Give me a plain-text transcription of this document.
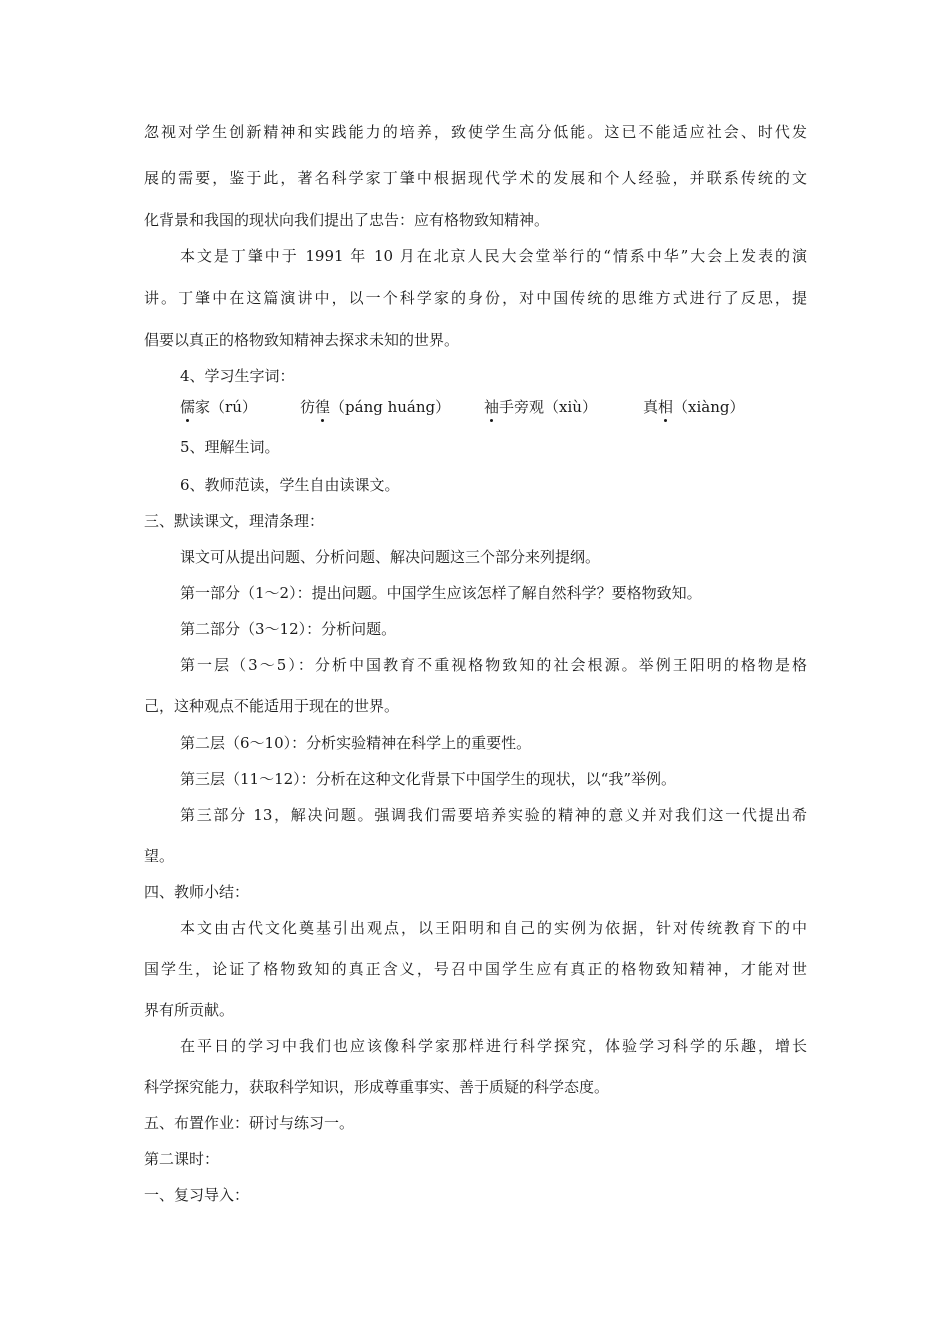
忽视对学生创新精神和实践能力的培养，致使学生高分低能。这已不能适应社会、时代发
展的需要，鉴于此，著名科学家丁肇中根据现代学术的发展和个人经验，并联系传统的文
化背景和我国的现状向我们提出了忠告：应有格物致知精神。
本文是丁肇中于 1991 年 10 月在北京人民大会堂举行的“情系中华”大会上发表的演
讲。丁肇中在这篇演讲中，以一个科学家的身份，对中国传统的思维方式进行了反思，提
倡要以真正的格物致知精神去探求未知的世界。
4、学习生字词：
儒家（rú）	彷徨（páng huáng） 袖手旁观（xiù）	真相（xiàng）
5、理解生词。
6、教师范读，学生自由读课文。
三、默读课文，理清条理：
课文可从提出问题、分析问题、解决问题这三个部分来列提纲。
第一部分（1～2）：提出问题。中国学生应该怎样了解自然科学？要格物致知。
第二部分（3～12）：分析问题。
第一层（3～5）：分析中国教育不重视格物致知的社会根源。举例王阳明的格物是格
己，这种观点不能适用于现在的世界。
第二层（6～10）：分析实验精神在科学上的重要性。
第三层（11～12）：分析在这种文化背景下中国学生的现状，以“我”举例。
第三部分 13，解决问题。强调我们需要培养实验的精神的意义并对我们这一代提出希
望。
四、教师小结：
本文由古代文化奠基引出观点，以王阳明和自己的实例为依据，针对传统教育下的中
国学生，论证了格物致知的真正含义，号召中国学生应有真正的格物致知精神，才能对世
界有所贡献。
在平日的学习中我们也应该像科学家那样进行科学探究，体验学习科学的乐趣，增长
科学探究能力，获取科学知识，形成尊重事实、善于质疑的科学态度。
五、布置作业：研讨与练习一。
第二课时：
一、复习导入：
